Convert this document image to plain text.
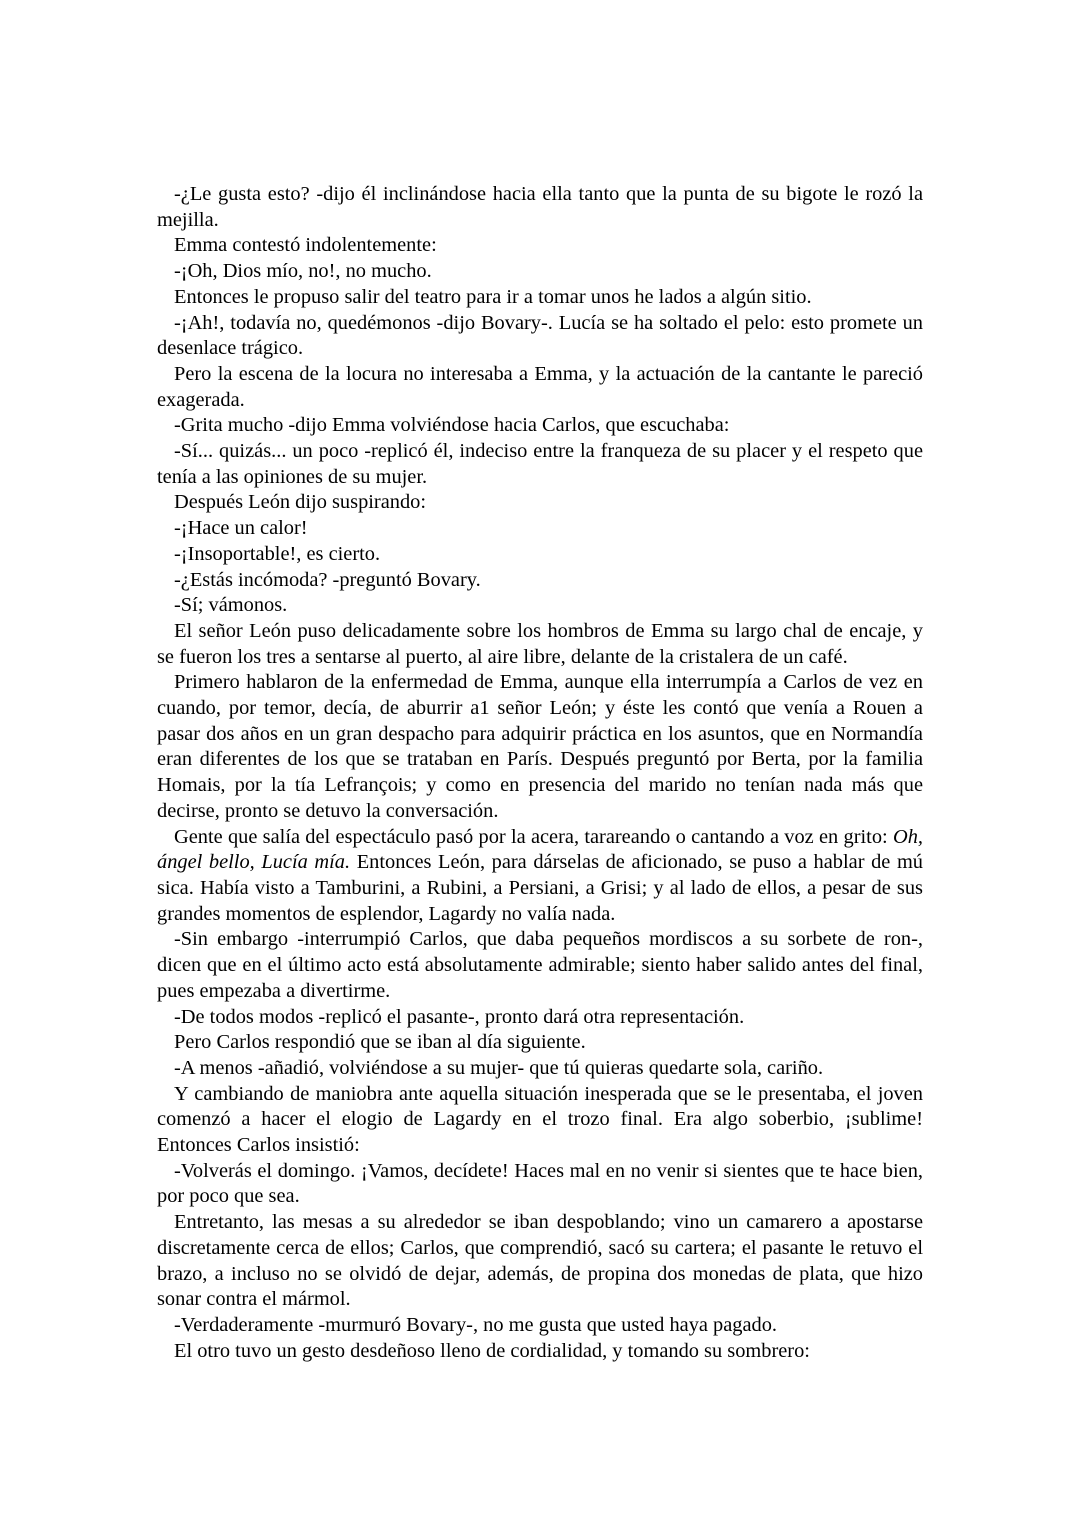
-¿Le gusta esto? -dijo él inclinándose hacia ella tanto que la punta de su bigote le rozó la mejilla.

Emma contestó indolentemente:

-¡Oh, Dios mío, no!, no mucho.

Entonces le propuso salir del teatro para ir a tomar unos he lados a algún sitio.

-¡Ah!, todavía no, quedémonos -dijo Bovary-. Lucía se ha soltado el pelo: esto promete un desenlace trágico.

Pero la escena de la locura no interesaba a Emma, y la actuación de la cantante le pareció exagerada.

-Grita mucho -dijo Emma volviéndose hacia Carlos, que escuchaba:

-Sí... quizás... un poco -replicó él, indeciso entre la franqueza de su placer y el respeto que tenía a las opiniones de su mujer.

Después León dijo suspirando:

-¡Hace un calor!

-¡Insoportable!, es cierto.

-¿Estás incómoda? -preguntó Bovary.

-Sí; vámonos.

El señor León puso delicadamente sobre los hombros de Emma su largo chal de encaje, y se fueron los tres a sentarse al puerto, al aire libre, delante de la cristalera de un café.

Primero hablaron de la enfermedad de Emma, aunque ella interrumpía a Carlos de vez en cuando, por temor, decía, de aburrir a1 señor León; y éste les contó que venía a Rouen a pasar dos años en un gran despacho para adquirir práctica en los asuntos, que en Normandía eran diferentes de los que se trataban en París. Después preguntó por Berta, por la familia Homais, por la tía Lefrançois; y como en presencia del marido no tenían nada más que decirse, pronto se detuvo la conversación.

Gente que salía del espectáculo pasó por la acera, tarareando o cantando a voz en grito: Oh, ángel bello, Lucía mía. Entonces León, para dárselas de aficionado, se puso a hablar de mú sica. Había visto a Tamburini, a Rubini, a Persiani, a Grisi; y al lado de ellos, a pesar de sus grandes momentos de esplendor, Lagardy no valía nada.

-Sin embargo -interrumpió Carlos, que daba pequeños mordiscos a su sorbete de ron-, dicen que en el último acto está absolutamente admirable; siento haber salido antes del final, pues empezaba a divertirme.

-De todos modos -replicó el pasante-, pronto dará otra representación.

Pero Carlos respondió que se iban al día siguiente.

-A menos -añadió, volviéndose a su mujer- que tú quieras quedarte sola, cariño.

Y cambiando de maniobra ante aquella situación inesperada que se le presentaba, el joven comenzó a hacer el elogio de Lagardy en el trozo final. Era algo soberbio, ¡sublime! Entonces Carlos insistió:

-Volverás el domingo. ¡Vamos, decídete! Haces mal en no venir si sientes que te hace bien, por poco que sea.

Entretanto, las mesas a su alrededor se iban despoblando; vino un camarero a apostarse discretamente cerca de ellos; Carlos, que comprendió, sacó su cartera; el pasante le retuvo el brazo, a incluso no se olvidó de dejar, además, de propina dos monedas de plata, que hizo sonar contra el mármol.

-Verdaderamente -murmuró Bovary-, no me gusta que usted haya pagado.

El otro tuvo un gesto desdeñoso lleno de cordialidad, y tomando su sombrero:
